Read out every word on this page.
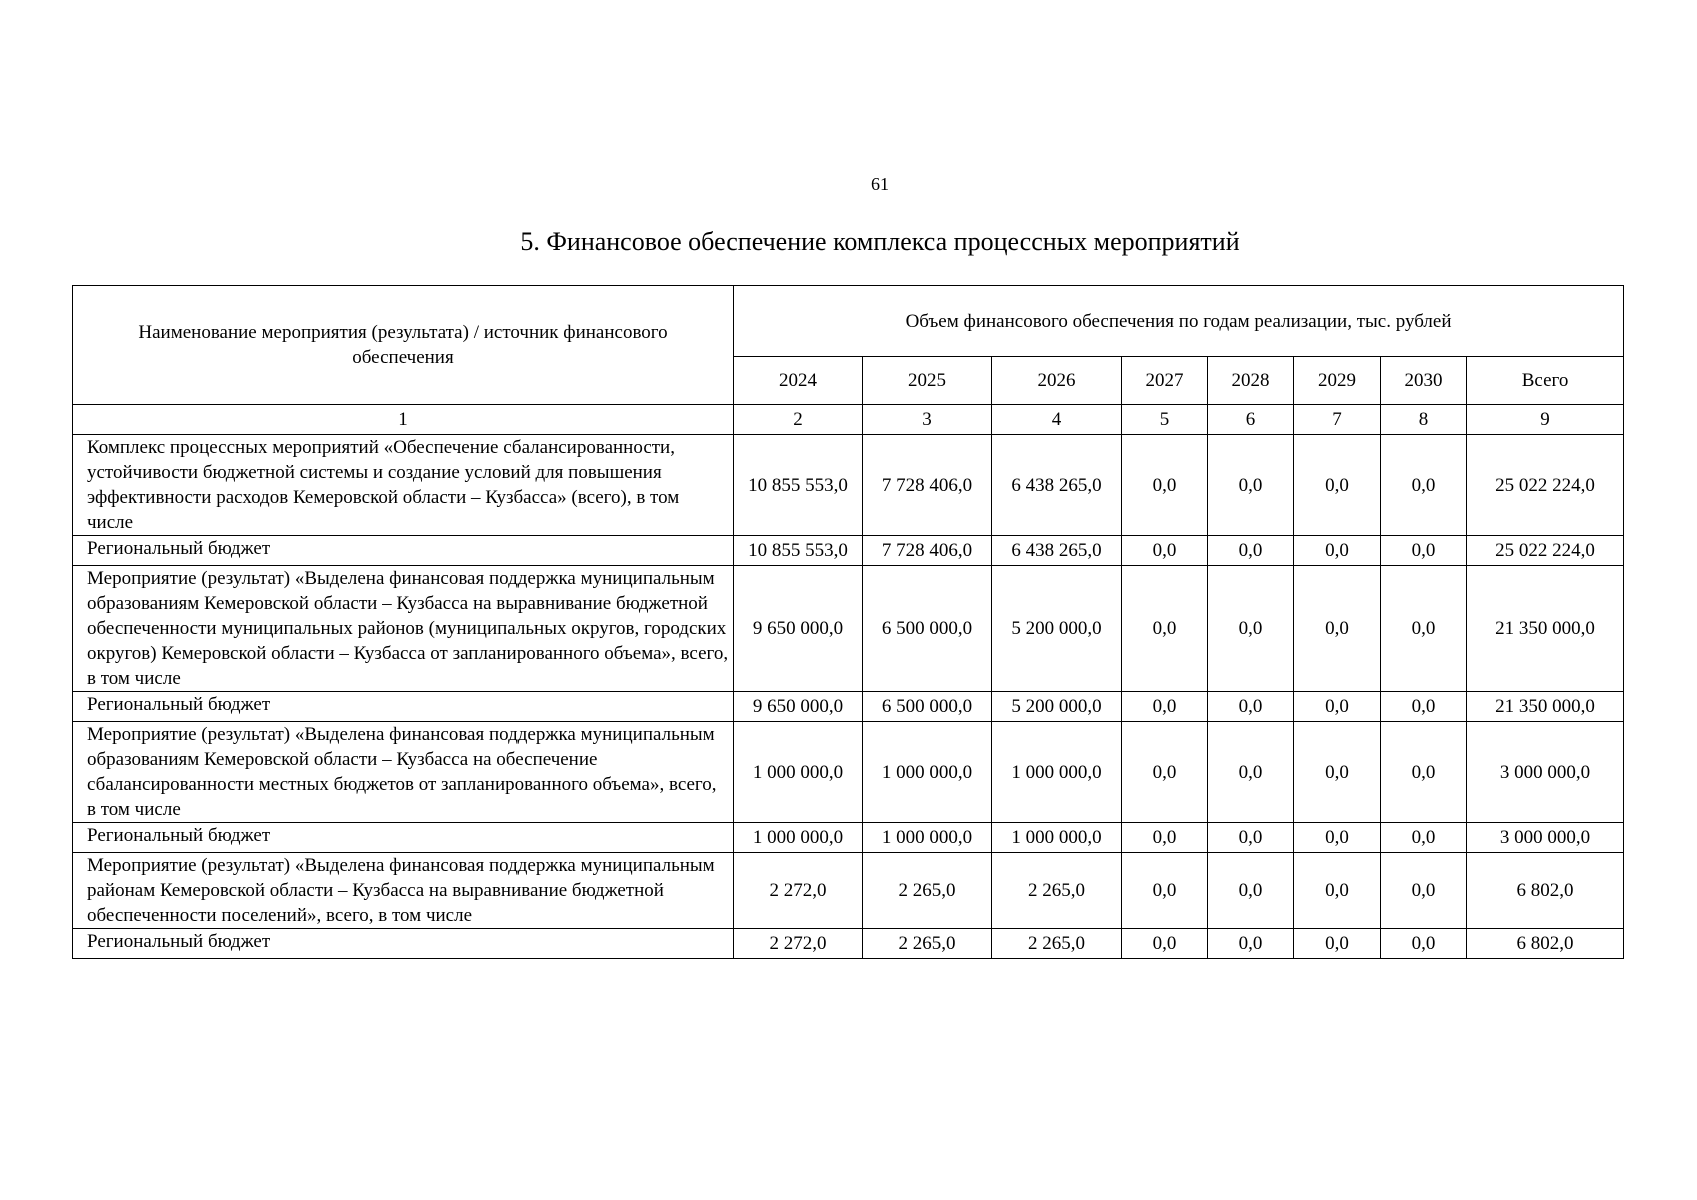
61
5. Финансовое обеспечение комплекса процессных мероприятий
Наименование мероприятия (результата) / источник финансового обеспечения	Объем финансового обеспечения по годам реализации, тыс. рублей							
	2024	2025	2026	2027	2028	2029	2030	Всего
1	2	3	4	5	6	7	8	9
Комплекс процессных мероприятий «Обеспечение сбалансированности, устойчивости бюджетной системы и создание условий для повышения эффективности расходов Кемеровской области – Кузбасса» (всего), в том числе	10 855 553,0	7 728 406,0	6 438 265,0	0,0	0,0	0,0	0,0	25 022 224,0
Региональный бюджет	10 855 553,0	7 728 406,0	6 438 265,0	0,0	0,0	0,0	0,0	25 022 224,0
Мероприятие (результат) «Выделена финансовая поддержка муниципальным образованиям Кемеровской области – Кузбасса на выравнивание бюджетной обеспеченности муниципальных районов (муниципальных округов, городских округов) Кемеровской области – Кузбасса от запланированного объема», всего, в том числе	9 650 000,0	6 500 000,0	5 200 000,0	0,0	0,0	0,0	0,0	21 350 000,0
Региональный бюджет	9 650 000,0	6 500 000,0	5 200 000,0	0,0	0,0	0,0	0,0	21 350 000,0
Мероприятие (результат) «Выделена финансовая поддержка муниципальным образованиям Кемеровской области – Кузбасса на обеспечение сбалансированности местных бюджетов от запланированного объема», всего, в том числе	1 000 000,0	1 000 000,0	1 000 000,0	0,0	0,0	0,0	0,0	3 000 000,0
Региональный бюджет	1 000 000,0	1 000 000,0	1 000 000,0	0,0	0,0	0,0	0,0	3 000 000,0
Мероприятие (результат) «Выделена финансовая поддержка муниципальным районам Кемеровской области – Кузбасса на выравнивание бюджетной обеспеченности поселений», всего, в том числе	2 272,0	2 265,0	2 265,0	0,0	0,0	0,0	0,0	6 802,0
Региональный бюджет	2 272,0	2 265,0	2 265,0	0,0	0,0	0,0	0,0	6 802,0
